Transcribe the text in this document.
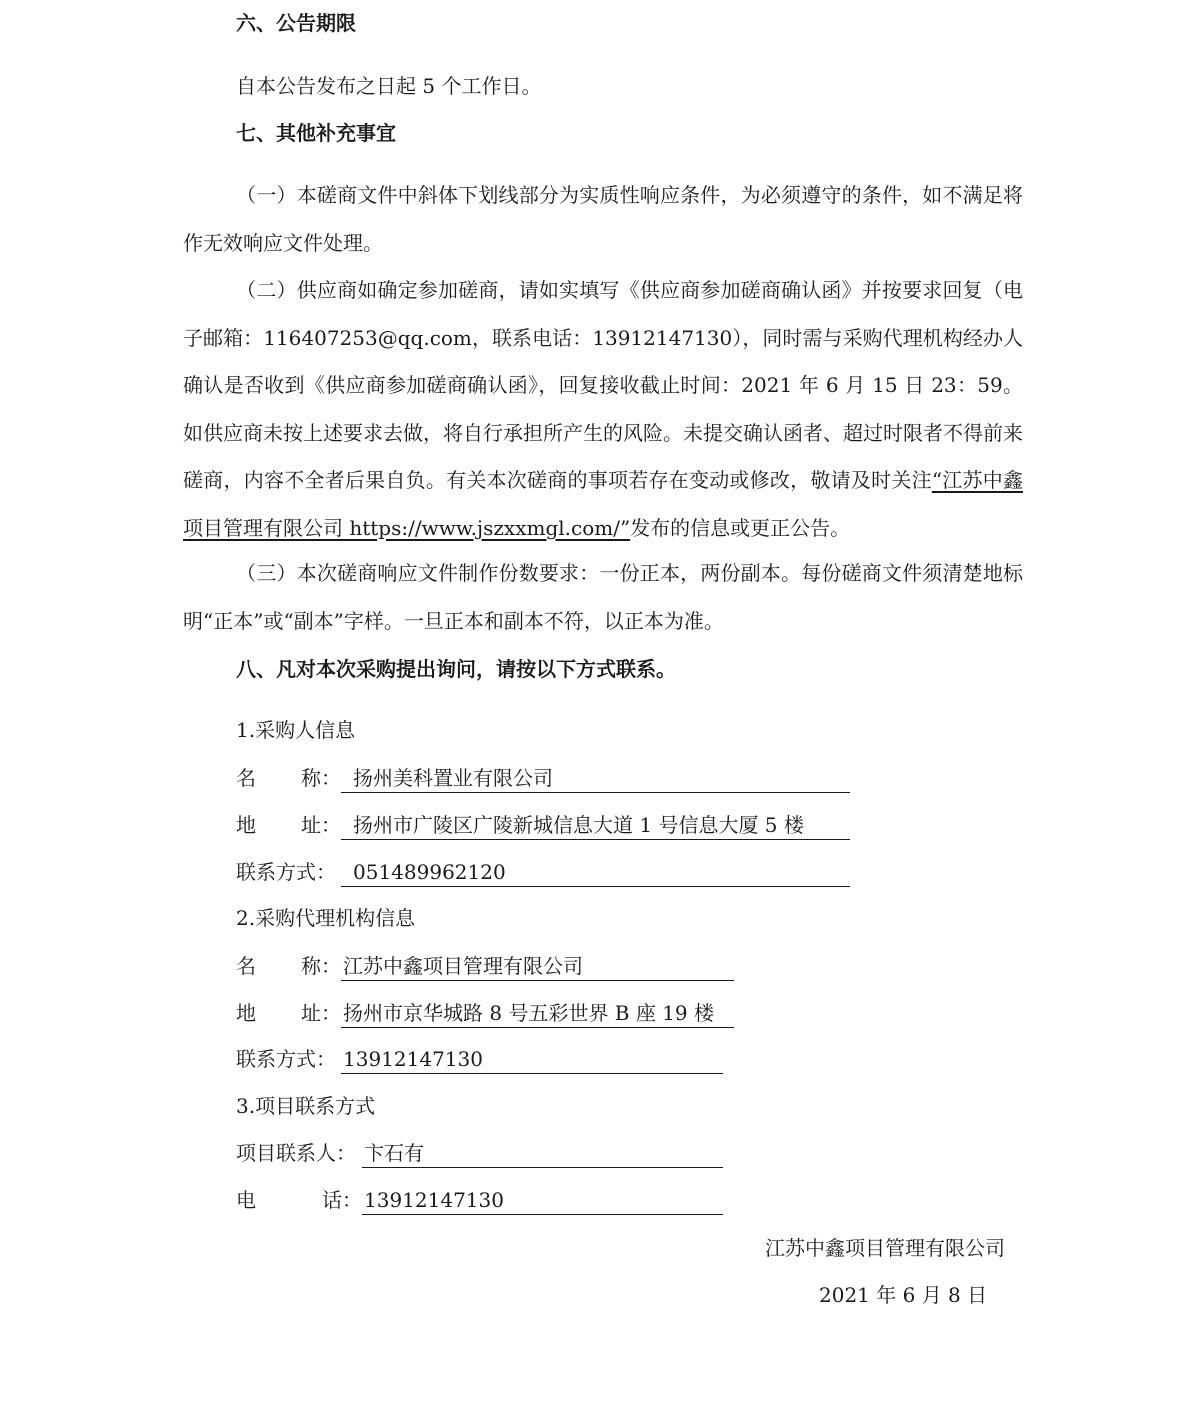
六、公告期限
自本公告发布之日起 5 个工作日。
七、其他补充事宜
（一）本磋商文件中斜体下划线部分为实质性响应条件，为必须遵守的条件，如不满足将作无效响应文件处理。
（二）供应商如确定参加磋商，请如实填写《供应商参加磋商确认函》并按要求回复（电子邮箱：116407253@qq.com，联系电话：13912147130），同时需与采购代理机构经办人确认是否收到《供应商参加磋商确认函》，回复接收截止时间：2021 年 6 月 15 日 23：59。如供应商未按上述要求去做，将自行承担所产生的风险。未提交确认函者、超过时限者不得前来磋商，内容不全者后果自负。有关本次磋商的事项若存在变动或修改，敬请及时关注“江苏中鑫项目管理有限公司 https://www.jszxxmgl.com/”发布的信息或更正公告。
（三）本次磋商响应文件制作份数要求：一份正本，两份副本。每份磋商文件须清楚地标明“正本”或“副本”字样。一旦正本和副本不符，以正本为准。
八、凡对本次采购提出询问，请按以下方式联系。
1.采购人信息
名 称： 扬州美科置业有限公司
地 址： 扬州市广陵区广陵新城信息大道 1 号信息大厦 5 楼
联系方式： 051489962120
2.采购代理机构信息
名 称： 江苏中鑫项目管理有限公司
地 址： 扬州市京华城路 8 号五彩世界 B 座 19 楼
联系方式： 13912147130
3.项目联系方式
项目联系人： 卞石有
电	话： 13912147130
江苏中鑫项目管理有限公司
2021 年 6 月 8 日
